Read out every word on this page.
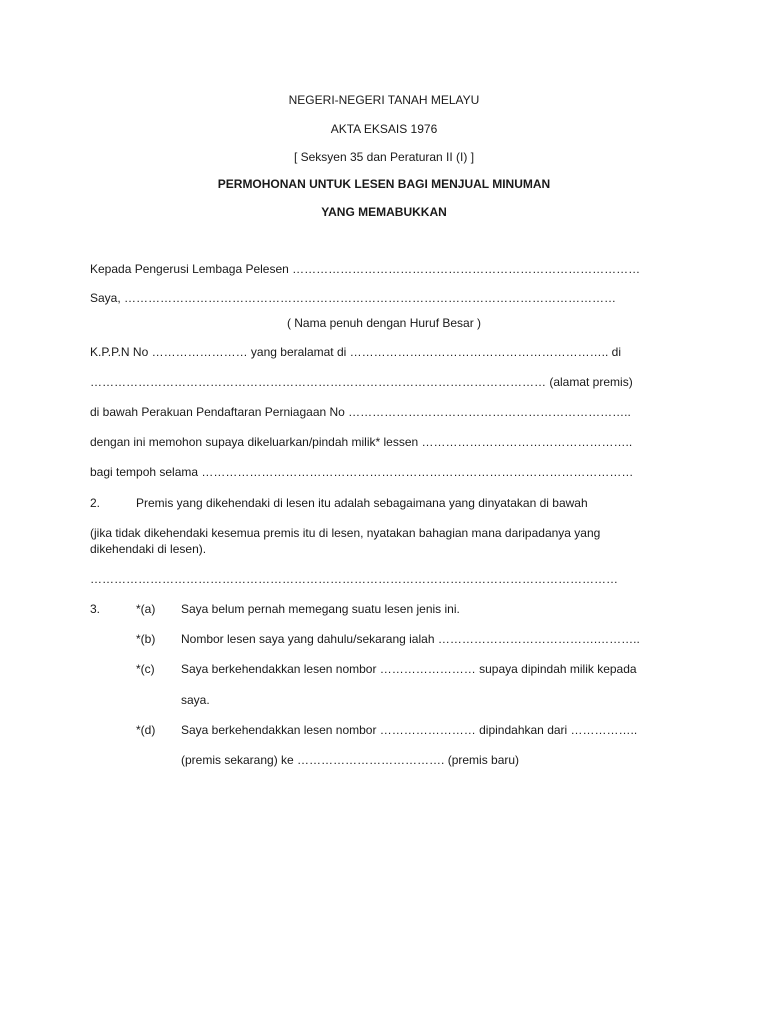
NEGERI-NEGERI TANAH MELAYU
AKTA EKSAIS 1976
[ Seksyen 35 dan Peraturan II (I) ]
PERMOHONAN UNTUK LESEN BAGI MENJUAL MINUMAN
YANG MEMABUKKAN
Kepada Pengerusi Lembaga Pelesen ……………………………………………………………………………
Saya, ……………………………………………………………………………………………………………
( Nama penuh dengan Huruf Besar )
K.P.P.N No …………………… yang beralamat di ……………………………………………………….. di
…………………………………………………………………………………………………… (alamat premis)
di bawah Perakuan Pendaftaran Perniagaan No ……………………………………………………………..
dengan ini memohon supaya dikeluarkan/pindah milik* lessen ……………………………………………..
bagi tempoh selama ………………………………………………………………………………………………
2.	Premis yang dikehendaki di lesen itu adalah sebagaimana yang dinyatakan di bawah
(jika tidak dikehendaki kesemua premis itu di lesen, nyatakan bahagian mana daripadanya yang
dikehendaki di lesen).
……………………………………………………………………………………………………………………
3.	*(a) Saya belum pernah memegang suatu lesen jenis ini.
*(b) Nombor lesen saya yang dahulu/sekarang ialah ………………………………….………..
*(c) Saya berkehendakkan lesen nombor …………………… supaya dipindah milik kepada
saya.
*(d) Saya berkehendakkan lesen nombor …………………… dipindahkan dari ……………..
(premis sekarang) ke ………………………………. (premis baru)
